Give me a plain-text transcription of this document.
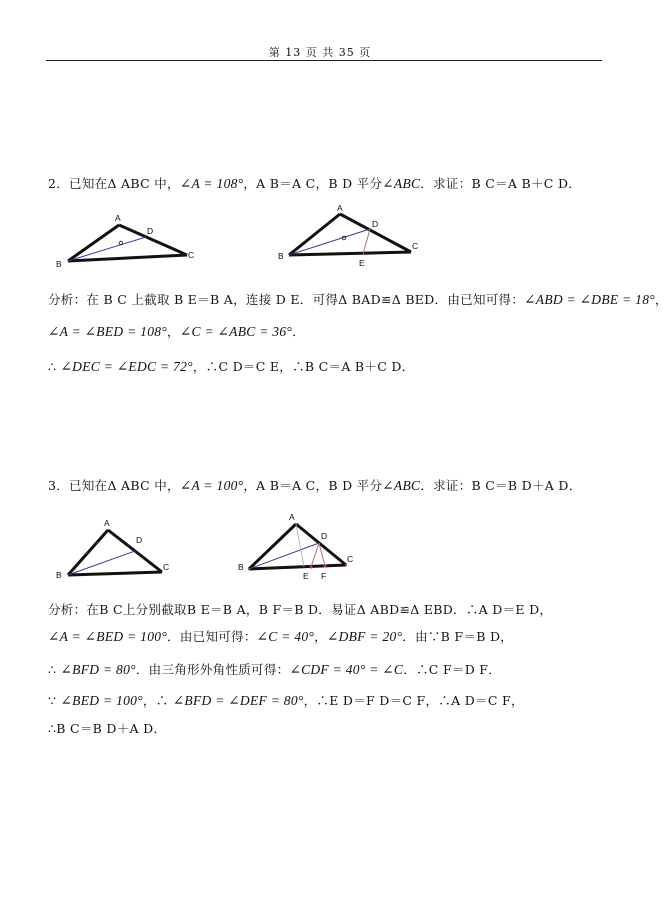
第 13 页 共 35 页
2．已知在Δ ABC 中，∠A = 108°，A B＝A C，B D 平分∠ABC．求证：B C＝A B＋C D．
A
B
C
D
A
B
C
D
E
分析：在 B C 上截取 B E＝B A，连接 D E．可得Δ BAD≌Δ BED．由已知可得：∠ABD = ∠DBE = 18°，
∠A = ∠BED = 108°，∠C = ∠ABC = 36°．
∴ ∠DEC = ∠EDC = 72°，∴C D＝C E，∴B C＝A B＋C D．
3．已知在Δ ABC 中，∠A = 100°，A B＝A C，B D 平分∠ABC．求证：B C＝B D＋A D．
A
B
C
D
A
B
C
D
E F
分析：在B C上分别截取B E＝B A，B F＝B D．易证Δ ABD≌Δ EBD．∴A D＝E D，
∠A = ∠BED = 100°．由已知可得：∠C = 40°，∠DBF = 20°．由∵B F＝B D，
∴ ∠BFD = 80°．由三角形外角性质可得：∠CDF = 40° = ∠C．∴C F＝D F．
∵ ∠BED = 100°，∴ ∠BFD = ∠DEF = 80°，∴E D＝F D＝C F，∴A D＝C F，
∴B C＝B D＋A D．
